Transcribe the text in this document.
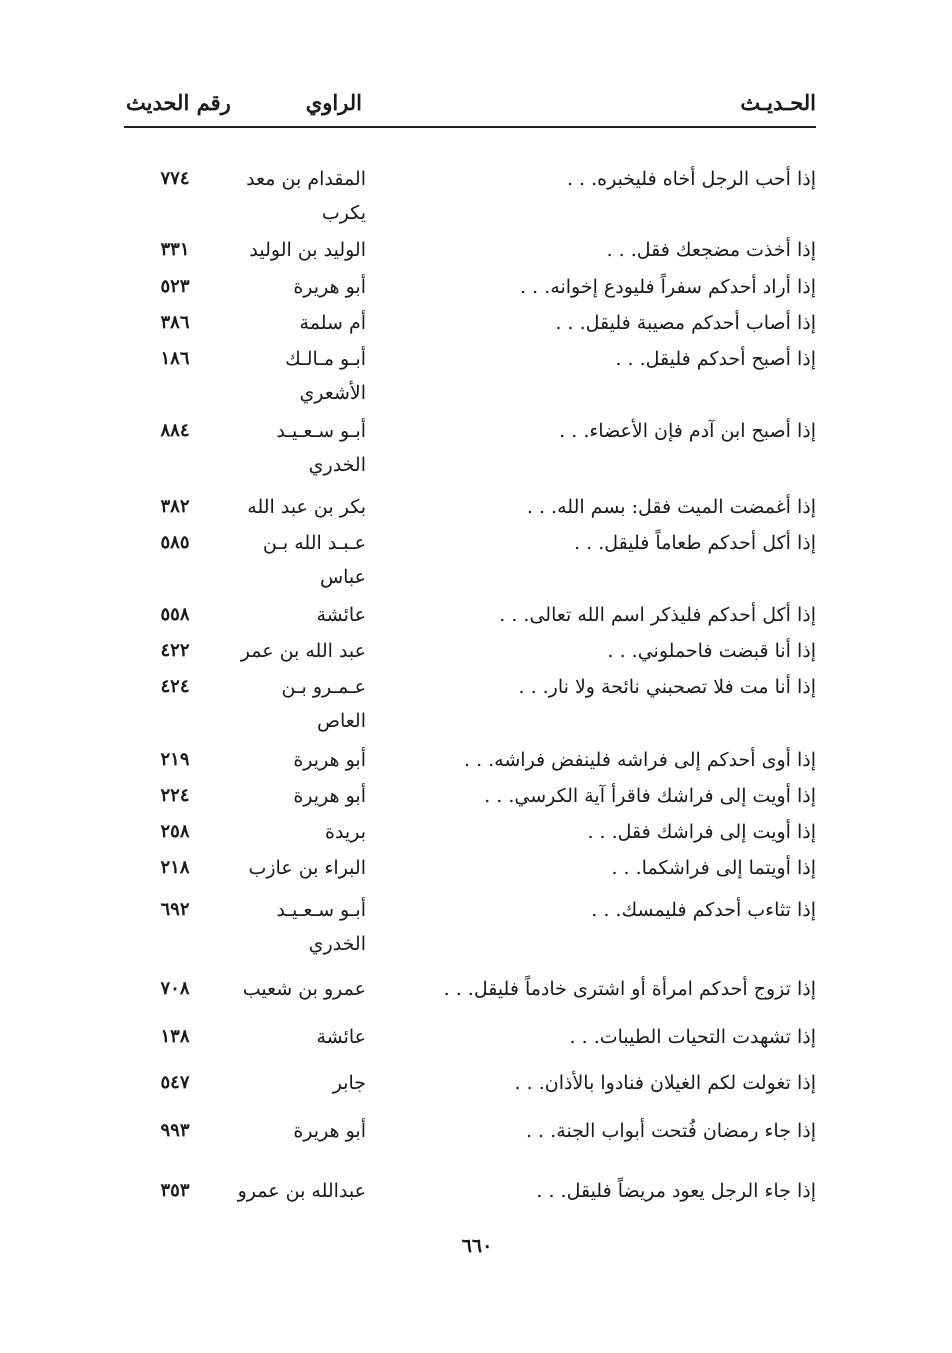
الحـديـث
الراوي
رقم الحديث
إذا أحب الرجل أخاه فليخبره. . .
المقدام بن معد يكرب
٧٧٤
إذا أخذت مضجعك فقل. . .
الوليد بن الوليد
٣٣١
إذا أراد أحدكم سفراً فليودع إخوانه. . .
أبو هريرة
٥٢٣
إذا أصاب أحدكم مصيبة فليقل. . .
أم سلمة
٣٨٦
إذا أصبح أحدكم فليقل. . .
أبـو مـالـك الأشعري
١٨٦
إذا أصبح ابن آدم فإن الأعضاء. . .
أبـو سـعـيـد الخدري
٨٨٤
إذا أغمضت الميت فقل: بسم الله. . .
بكر بن عبد الله
٣٨٢
إذا أكل أحدكم طعاماً فليقل. . .
عـبـد الله بـن عباس
٥٨٥
إذا أكل أحدكم فليذكر اسم الله تعالى. . .
عائشة
٥٥٨
إذا أنا قبضت فاحملوني. . .
عبد الله بن عمر
٤٢٢
إذا أنا مت فلا تصحبني نائحة ولا نار. . .
عـمـرو بـن العاص
٤٢٤
إذا أوى أحدكم إلى فراشه فلينفض فراشه. . .
أبو هريرة
٢١٩
إذا أويت إلى فراشك فاقرأ آية الكرسي. . .
أبو هريرة
٢٢٤
إذا أويت إلى فراشك فقل. . .
بريدة
٢٥٨
إذا أويتما إلى فراشكما. . .
البراء بن عازب
٢١٨
إذا تثاءب أحدكم فليمسك. . .
أبـو سـعـيـد الخدري
٦٩٢
إذا تزوج أحدكم امرأة أو اشترى خادماً فليقل. . .
عمرو بن شعيب
٧٠٨
إذا تشهدت التحيات الطيبات. . .
عائشة
١٣٨
إذا تغولت لكم الغيلان فنادوا بالأذان. . .
جابر
٥٤٧
إذا جاء رمضان فُتحت أبواب الجنة. . .
أبو هريرة
٩٩٣
إذا جاء الرجل يعود مريضاً فليقل. . .
عبدالله بن عمرو
٣٥٣
٦٦٠
